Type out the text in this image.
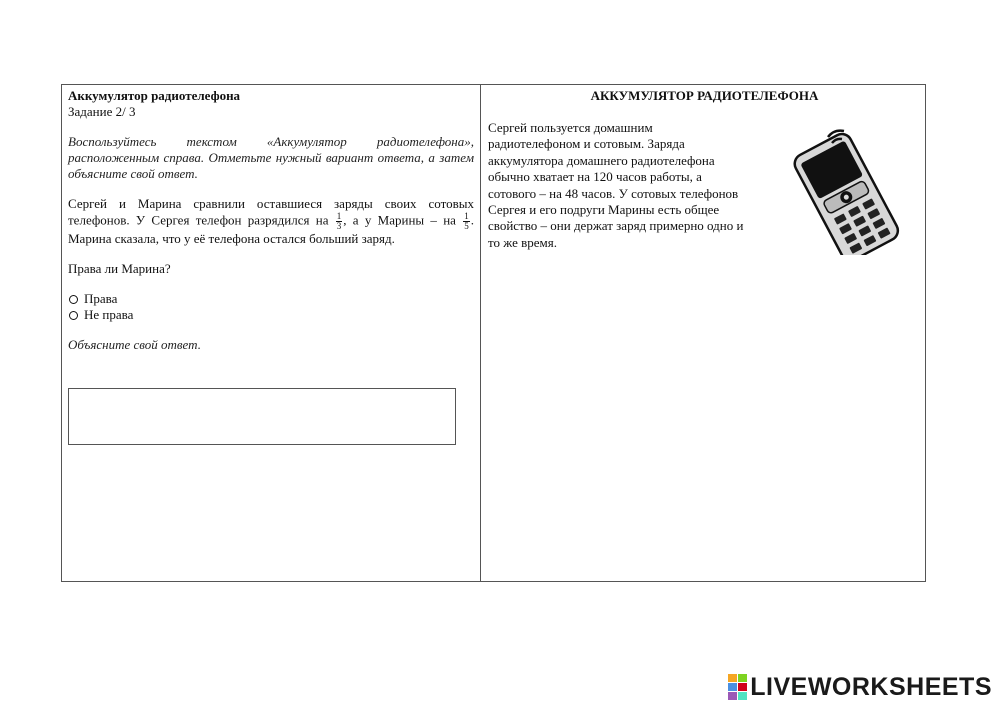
Аккумулятор радиотелефона
Задание 2/ 3
Воспользуйтесь текстом «Аккумулятор радиотелефона», расположенным справа. Отметьте нужный вариант ответа, а затем объясните свой ответ.
Сергей и Марина сравнили оставшиеся заряды своих сотовых телефонов. У Сергея телефон разрядился на $\frac{1}{3}$ , а у Марины – на $\frac{1}{5}$ . Марина сказала, что у её телефона остался больший заряд.
Права ли Марина?
Права
Не права
Объясните свой ответ.
АККУМУЛЯТОР РАДИОТЕЛЕФОНА
Сергей пользуется домашним радиотелефоном и сотовым. Заряда аккумулятора домашнего радиотелефона обычно хватает на 120 часов работы, а сотового – на 48 часов. У сотовых телефонов Сергея и его подруги Марины есть общее свойство – они держат заряд примерно одно и то же время.
LIVEWORKSHEETS
